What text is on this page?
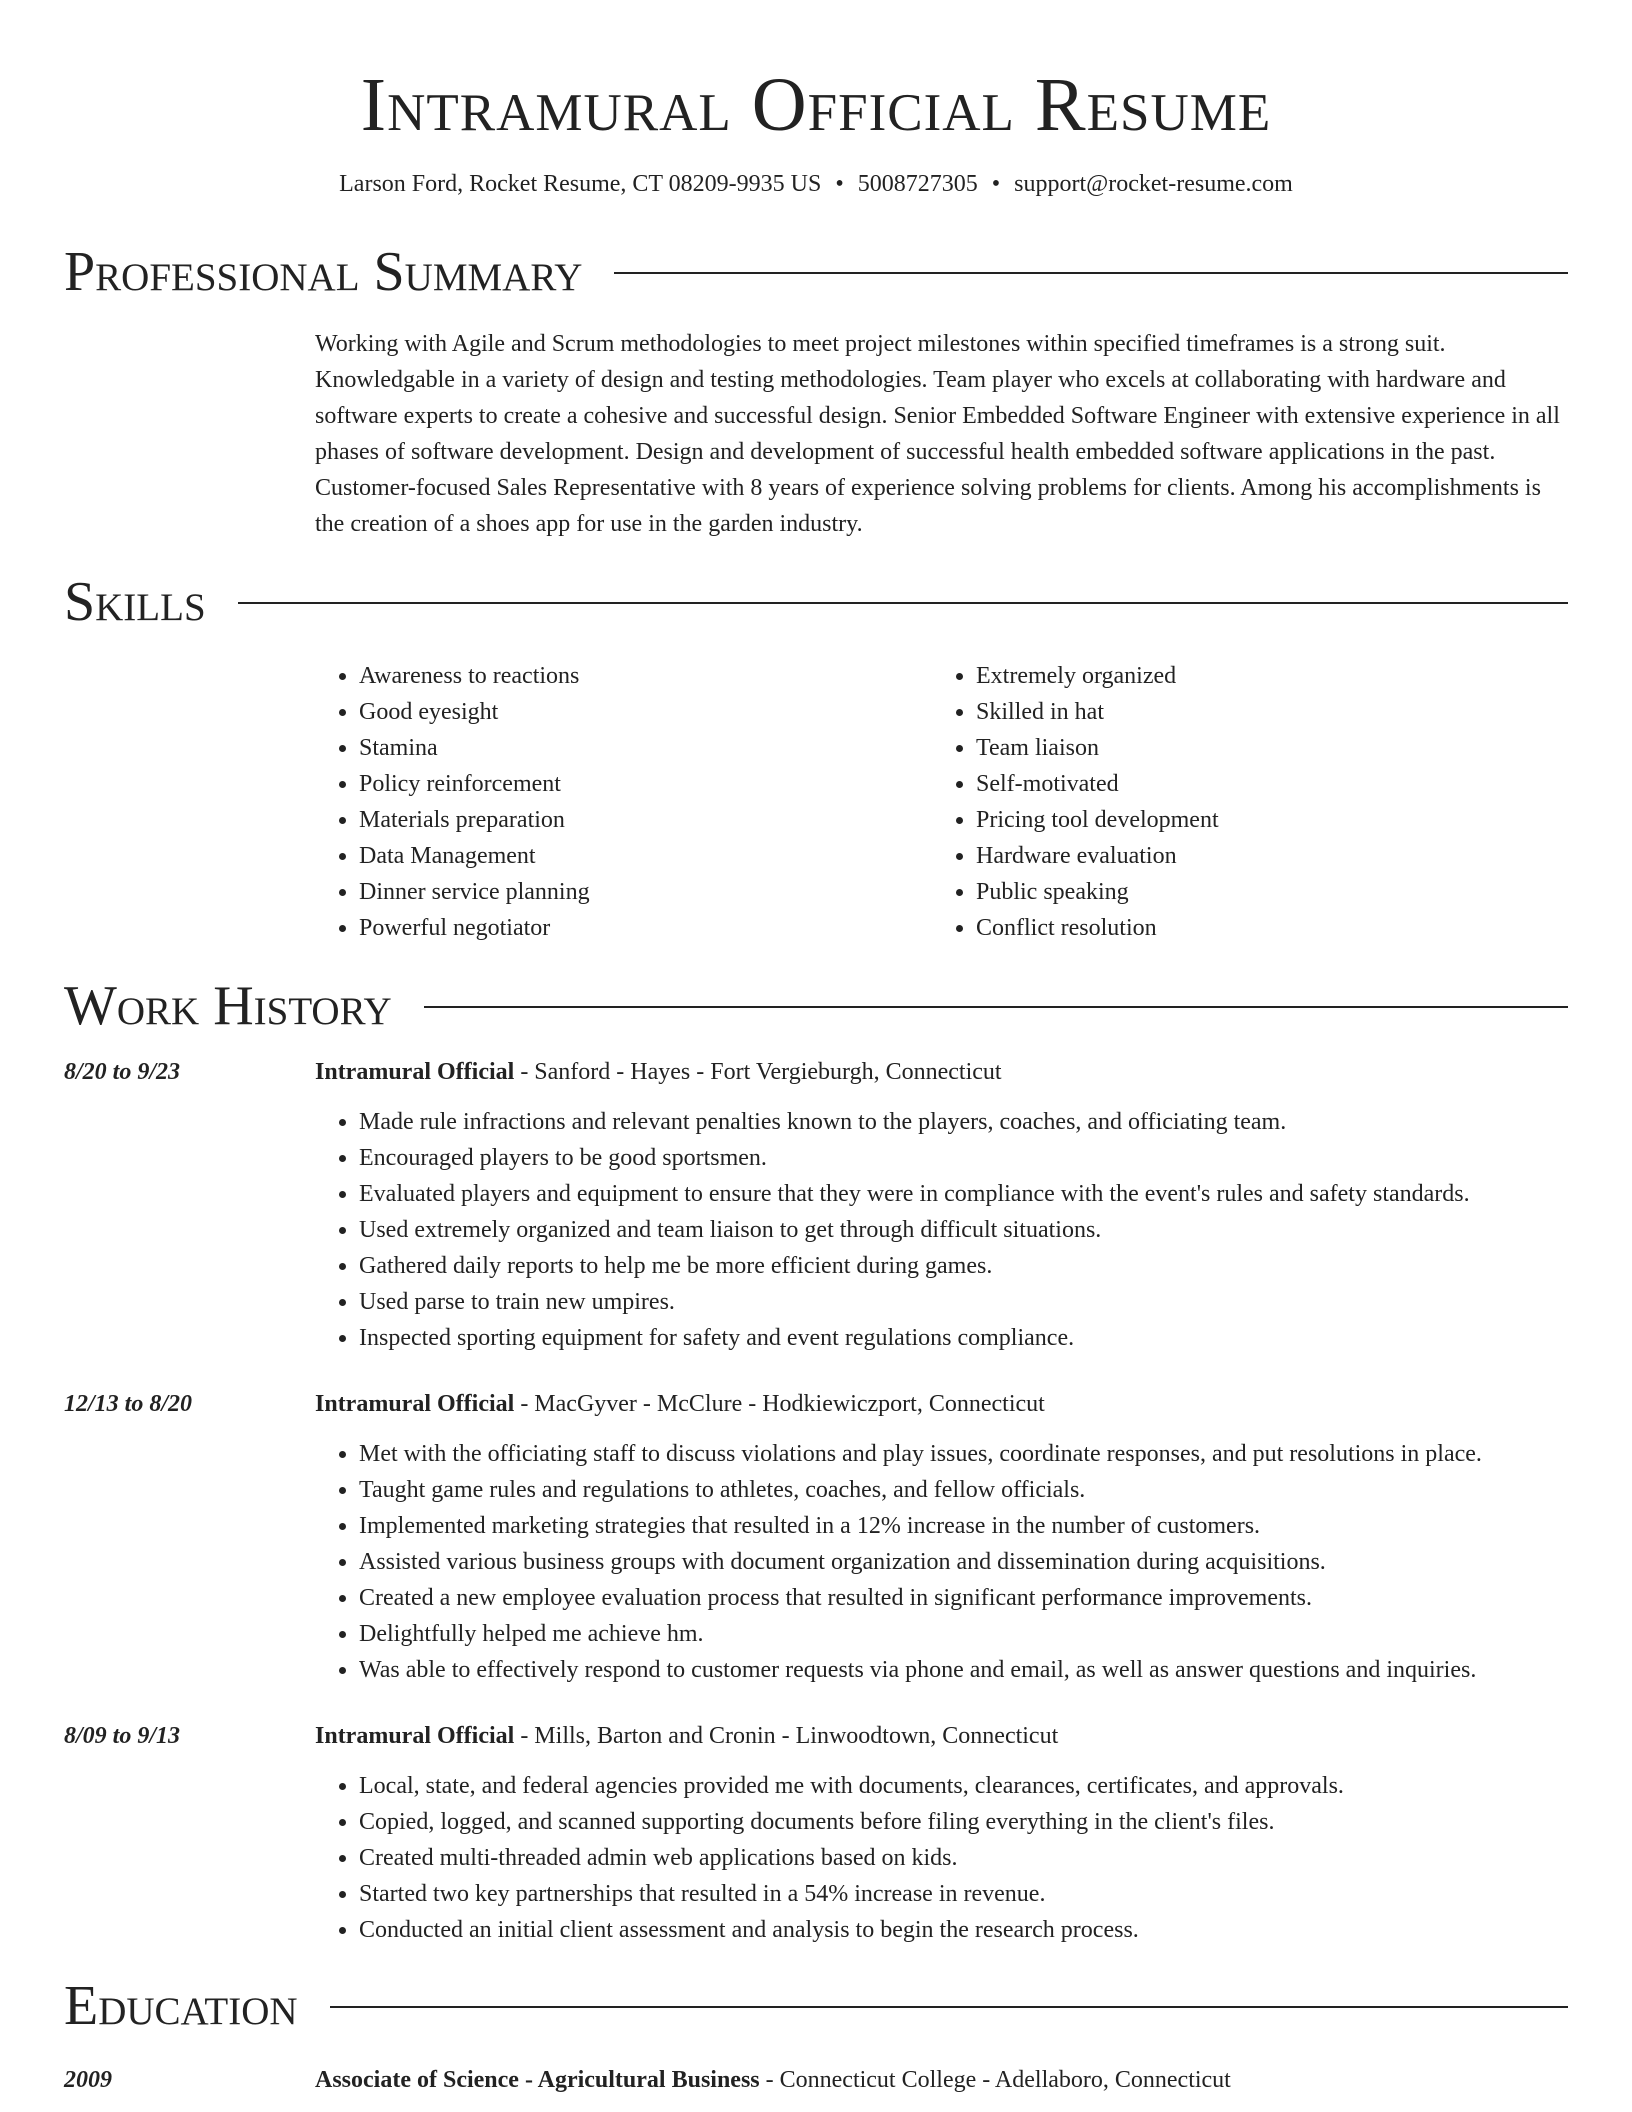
Intramural Official Resume
Larson Ford, Rocket Resume, CT 08209-9935 US • 5008727305 • support@rocket-resume.com
Professional Summary
Working with Agile and Scrum methodologies to meet project milestones within specified timeframes is a strong suit. Knowledgable in a variety of design and testing methodologies. Team player who excels at collaborating with hardware and software experts to create a cohesive and successful design. Senior Embedded Software Engineer with extensive experience in all phases of software development. Design and development of successful health embedded software applications in the past. Customer-focused Sales Representative with 8 years of experience solving problems for clients. Among his accomplishments is the creation of a shoes app for use in the garden industry.
Skills
• Awareness to reactions
• Good eyesight
• Stamina
• Policy reinforcement
• Materials preparation
• Data Management
• Dinner service planning
• Powerful negotiator
• Extremely organized
• Skilled in hat
• Team liaison
• Self-motivated
• Pricing tool development
• Hardware evaluation
• Public speaking
• Conflict resolution
Work History
8/20 to 9/23	Intramural Official - Sanford - Hayes - Fort Vergieburgh, Connecticut
• Made rule infractions and relevant penalties known to the players, coaches, and officiating team.
• Encouraged players to be good sportsmen.
• Evaluated players and equipment to ensure that they were in compliance with the event's rules and safety standards.
• Used extremely organized and team liaison to get through difficult situations.
• Gathered daily reports to help me be more efficient during games.
• Used parse to train new umpires.
• Inspected sporting equipment for safety and event regulations compliance.
12/13 to 8/20	Intramural Official - MacGyver - McClure - Hodkiewiczport, Connecticut
• Met with the officiating staff to discuss violations and play issues, coordinate responses, and put resolutions in place.
• Taught game rules and regulations to athletes, coaches, and fellow officials.
• Implemented marketing strategies that resulted in a 12% increase in the number of customers.
• Assisted various business groups with document organization and dissemination during acquisitions.
• Created a new employee evaluation process that resulted in significant performance improvements.
• Delightfully helped me achieve hm.
• Was able to effectively respond to customer requests via phone and email, as well as answer questions and inquiries.
8/09 to 9/13	Intramural Official - Mills, Barton and Cronin - Linwoodtown, Connecticut
• Local, state, and federal agencies provided me with documents, clearances, certificates, and approvals.
• Copied, logged, and scanned supporting documents before filing everything in the client's files.
• Created multi-threaded admin web applications based on kids.
• Started two key partnerships that resulted in a 54% increase in revenue.
• Conducted an initial client assessment and analysis to begin the research process.
Education
2009	Associate of Science - Agricultural Business - Connecticut College - Adellaboro, Connecticut
